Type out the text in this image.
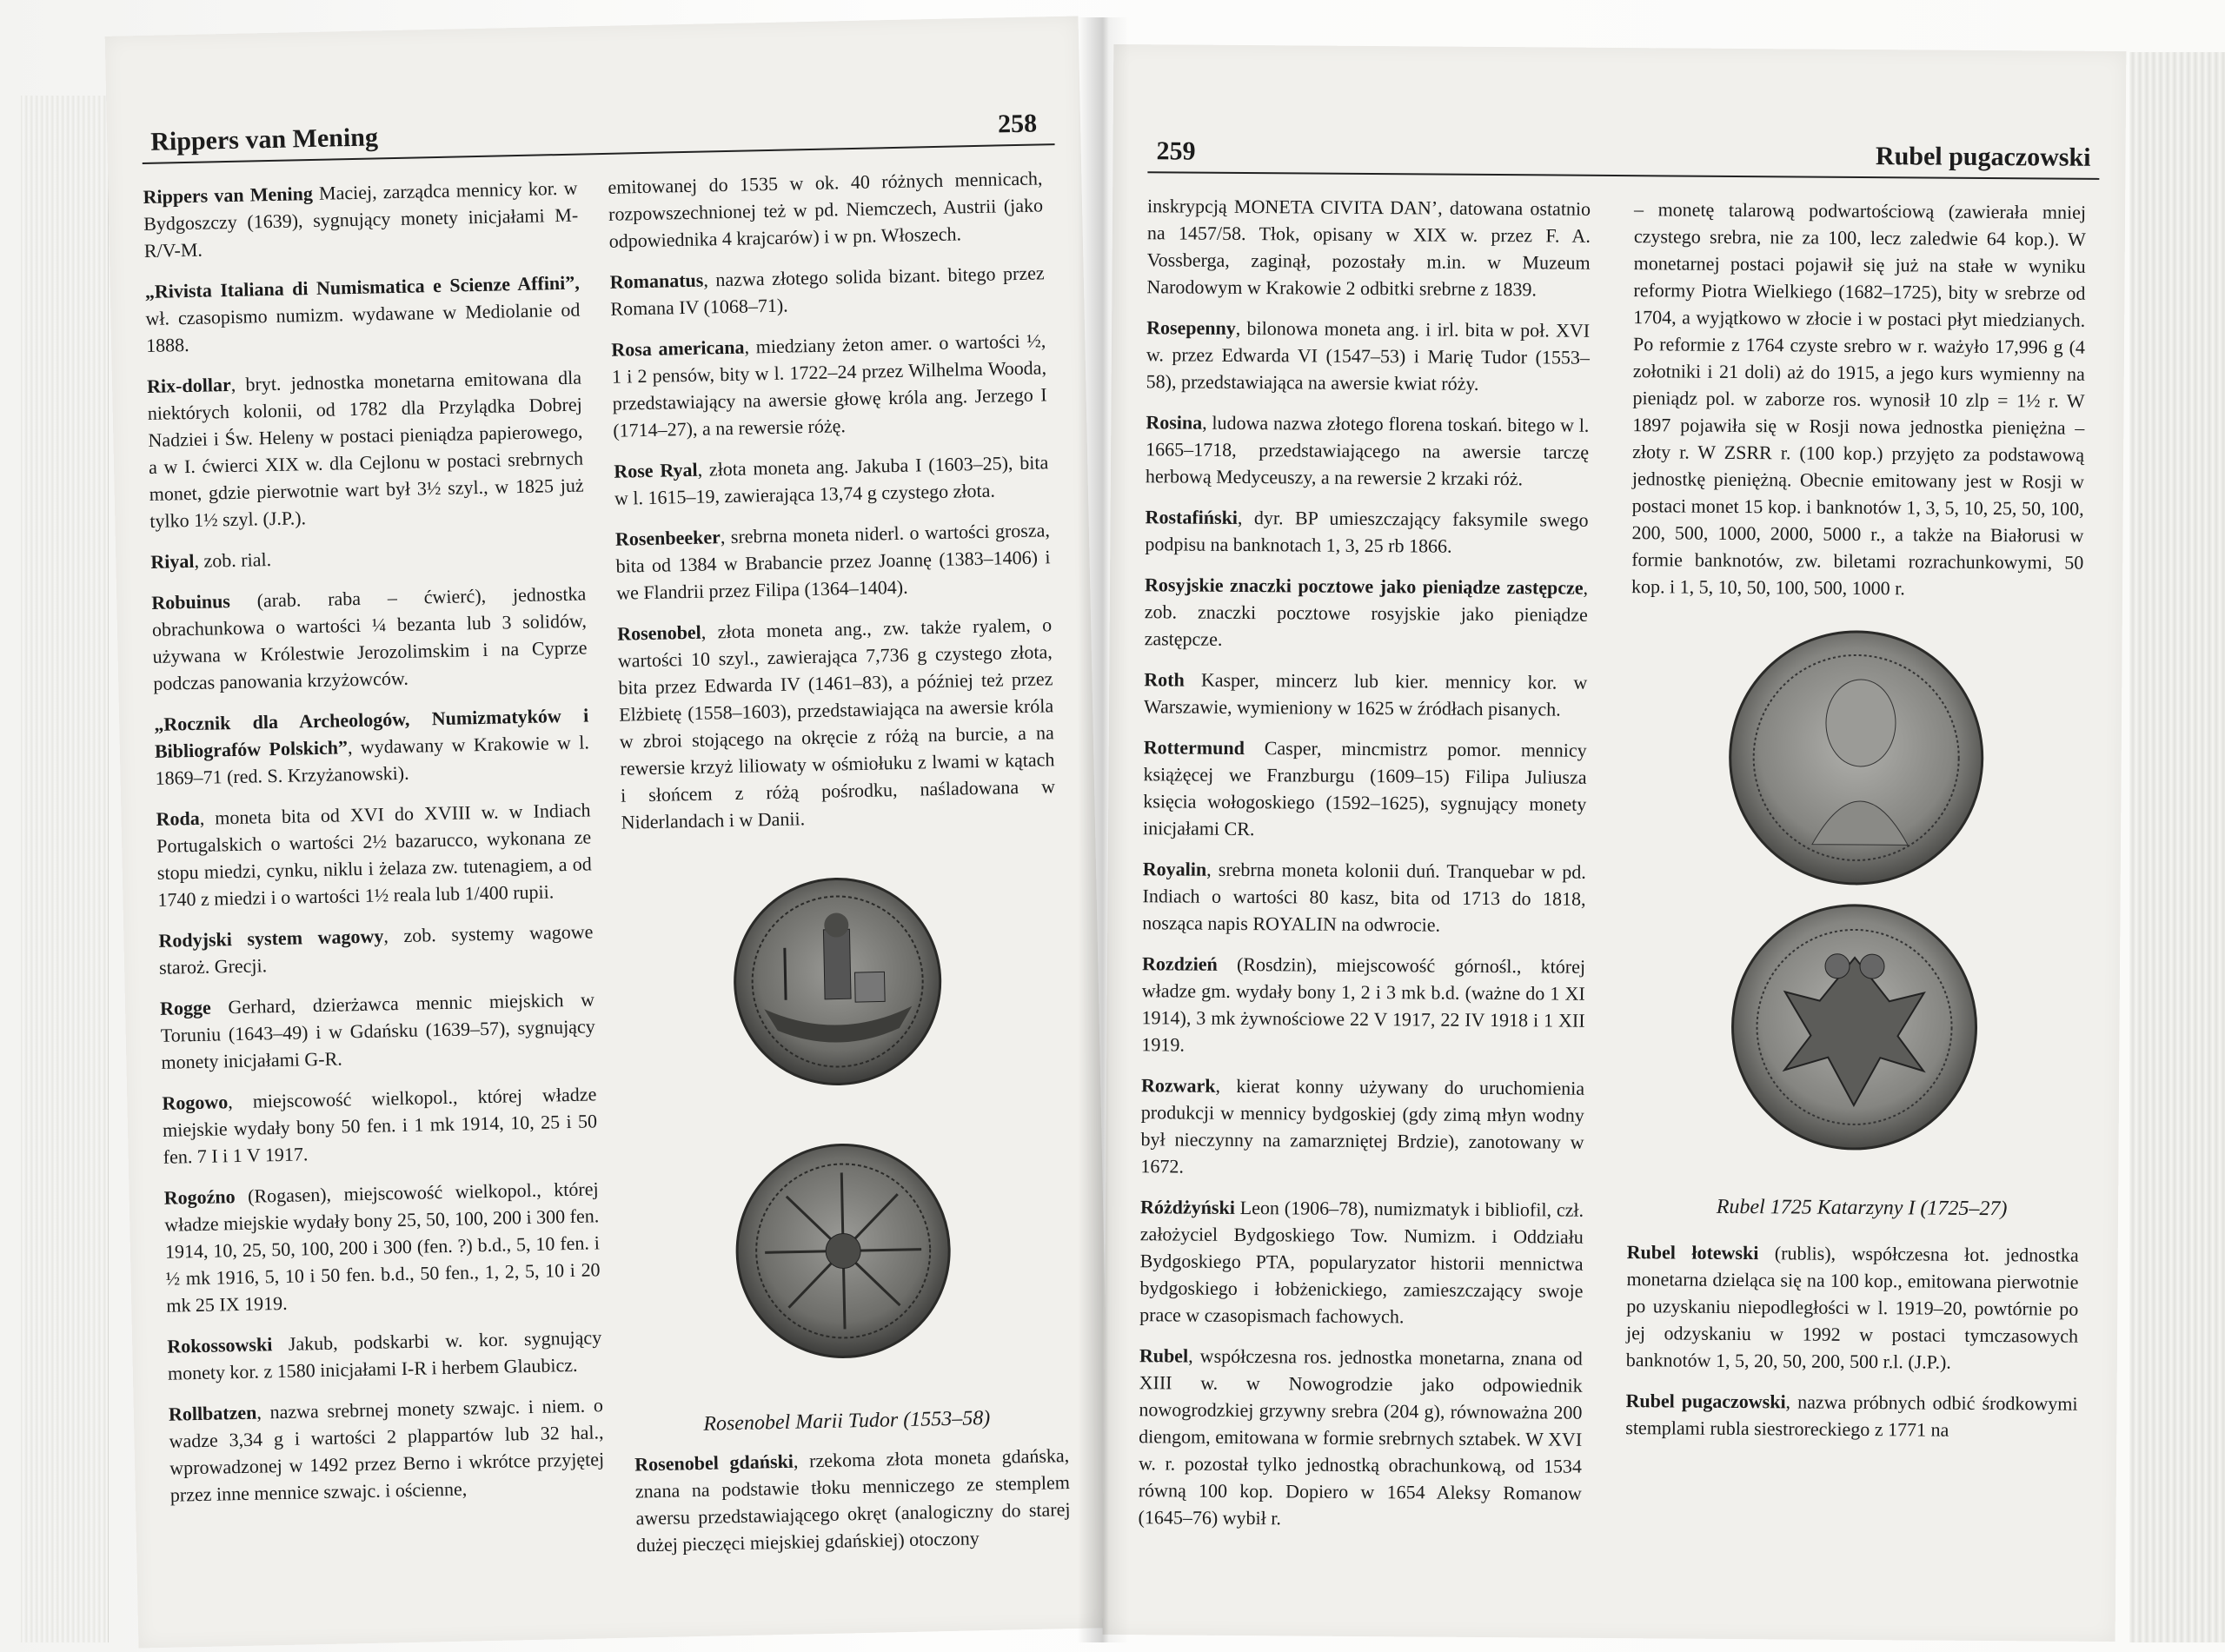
Rippers van Mening	258

Rippers van Mening Maciej, zarządca mennicy kor. w Bydgoszczy (1639), sygnujący monety inicjałami M-R/V-M.

„Rivista Italiana di Numismatica e Scienze Affini”, wł. czasopismo numizm. wydawane w Mediolanie od 1888.

Rix-dollar, bryt. jednostka monetarna emitowana dla niektórych kolonii, od 1782 dla Przylądka Dobrej Nadziei i Św. Heleny w postaci pieniądza papierowego, a w I. ćwierci XIX w. dla Cejlonu w postaci srebrnych monet, gdzie pierwotnie wart był 3½ szyl., w 1825 już tylko 1½ szyl. (J.P.).

Riyal, zob. rial.

Robuinus (arab. raba – ćwierć), jednostka obrachunkowa o wartości ¼ bezanta lub 3 solidów, używana w Królestwie Jerozolimskim i na Cyprze podczas panowania krzyżowców.

„Rocznik dla Archeologów, Numizmatyków i Bibliografów Polskich”, wydawany w Krakowie w l. 1869–71 (red. S. Krzyżanowski).

Roda, moneta bita od XVI do XVIII w. w Indiach Portugalskich o wartości 2½ bazarucco, wykonana ze stopu miedzi, cynku, niklu i żelaza zw. tutenagiem, a od 1740 z miedzi i o wartości 1½ reala lub 1/400 rupii.

Rodyjski system wagowy, zob. systemy wagowe staroż. Grecji.

Rogge Gerhard, dzierżawca mennic miejskich w Toruniu (1643–49) i w Gdańsku (1639–57), sygnujący monety inicjałami G-R.

Rogowo, miejscowość wielkopol., której władze miejskie wydały bony 50 fen. i 1 mk 1914, 10, 25 i 50 fen. 7 I i 1 V 1917.

Rogoźno (Rogasen), miejscowość wielkopol., której władze miejskie wydały bony 25, 50, 100, 200 i 300 fen. 1914, 10, 25, 50, 100, 200 i 300 (fen. ?) b.d., 5, 10 fen. i ½ mk 1916, 5, 10 i 50 fen. b.d., 50 fen., 1, 2, 5, 10 i 20 mk 25 IX 1919.

Rokossowski Jakub, podskarbi w. kor. sygnujący monety kor. z 1580 inicjałami I-R i herbem Glaubicz.

Rollbatzen, nazwa srebrnej monety szwajc. i niem. o wadze 3,34 g i wartości 2 plappartów lub 32 hal., wprowadzonej w 1492 przez Berno i wkrótce przyjętej przez inne mennice szwajc. i ościenne,

emitowanej do 1535 w ok. 40 różnych mennicach, rozpowszechnionej też w pd. Niemczech, Austrii (jako odpowiednika 4 krajcarów) i w pn. Włoszech.

Romanatus, nazwa złotego solida bizant. bitego przez Romana IV (1068–71).

Rosa americana, miedziany żeton amer. o wartości ½, 1 i 2 pensów, bity w l. 1722–24 przez Wilhelma Wooda, przedstawiający na awersie głowę króla ang. Jerzego I (1714–27), a na rewersie różę.

Rose Ryal, złota moneta ang. Jakuba I (1603–25), bita w l. 1615–19, zawierająca 13,74 g czystego złota.

Rosenbeeker, srebrna moneta niderl. o wartości grosza, bita od 1384 w Brabancie przez Joannę (1383–1406) i we Flandrii przez Filipa (1364–1404).

Rosenobel, złota moneta ang., zw. także ryalem, o wartości 10 szyl., zawierająca 7,736 g czystego złota, bita przez Edwarda IV (1461–83), a później też przez Elżbietę (1558–1603), przedstawiająca na awersie króla w zbroi stojącego na okręcie z różą na burcie, a na rewersie krzyż liliowaty w ośmiołuku z lwami w kątach i słońcem z różą pośrodku, naśladowana w Niderlandach i w Danii.

Rosenobel Marii Tudor (1553–58)

Rosenobel gdański, rzekoma złota moneta gdańska, znana na podstawie tłoku menniczego ze stemplem awersu przedstawiającego okręt (analogiczny do starej dużej pieczęci miejskiej gdańskiej) otoczony

259	Rubel pugaczowski

inskrypcją MONETA CIVITA DAN’, datowana ostatnio na 1457/58. Tłok, opisany w XIX w. przez F. A. Vossberga, zaginął, pozostały m.in. w Muzeum Narodowym w Krakowie 2 odbitki srebrne z 1839.

Rosepenny, bilonowa moneta ang. i irl. bita w poł. XVI w. przez Edwarda VI (1547–53) i Marię Tudor (1553–58), przedstawiająca na awersie kwiat róży.

Rosina, ludowa nazwa złotego florena toskań. bitego w l. 1665–1718, przedstawiającego na awersie tarczę herbową Medyceuszy, a na rewersie 2 krzaki róż.

Rostafiński, dyr. BP umieszczający faksymile swego podpisu na banknotach 1, 3, 25 rb 1866.

Rosyjskie znaczki pocztowe jako pieniądze zastępcze, zob. znaczki pocztowe rosyjskie jako pieniądze zastępcze.

Roth Kasper, mincerz lub kier. mennicy kor. w Warszawie, wymieniony w 1625 w źródłach pisanych.

Rottermund Casper, mincmistrz pomor. mennicy książęcej we Franzburgu (1609–15) Filipa Juliusza księcia wołogoskiego (1592–1625), sygnujący monety inicjałami CR.

Royalin, srebrna moneta kolonii duń. Tranquebar w pd. Indiach o wartości 80 kasz, bita od 1713 do 1818, nosząca napis ROYALIN na odwrocie.

Rozdzień (Rosdzin), miejscowość górnośl., której władze gm. wydały bony 1, 2 i 3 mk b.d. (ważne do 1 XI 1914), 3 mk żywnościowe 22 V 1917, 22 IV 1918 i 1 XII 1919.

Rozwark, kierat konny używany do uruchomienia produkcji w mennicy bydgoskiej (gdy zimą młyn wodny był nieczynny na zamarzniętej Brdzie), zanotowany w 1672.

Różdżyński Leon (1906–78), numizmatyk i bibliofil, czł. założyciel Bydgoskiego Tow. Numizm. i Oddziału Bydgoskiego PTA, popularyzator historii mennictwa bydgoskiego i łobżenickiego, zamieszczający swoje prace w czasopismach fachowych.

Rubel, współczesna ros. jednostka monetarna, znana od XIII w. w Nowogrodzie jako odpowiednik nowogrodzkiej grzywny srebra (204 g), równoważna 200 diengom, emitowana w formie srebrnych sztabek. W XVI w. r. pozostał tylko jednostką obrachunkową, od 1534 równą 100 kop. Dopiero w 1654 Aleksy Romanow (1645–76) wybił r.

– monetę talarową podwartościową (zawierała mniej czystego srebra, nie za 100, lecz zaledwie 64 kop.). W monetarnej postaci pojawił się już na stałe w wyniku reformy Piotra Wielkiego (1682–1725), bity w srebrze od 1704, a wyjątkowo w złocie i w postaci płyt miedzianych. Po reformie z 1764 czyste srebro w r. ważyło 17,996 g (4 zołotniki i 21 doli) aż do 1915, a jego kurs wymienny na pieniądz pol. w zaborze ros. wynosił 10 zlp = 1½ r. W 1897 pojawiła się w Rosji nowa jednostka pieniężna – złoty r. W ZSRR r. (100 kop.) przyjęto za podstawową jednostkę pieniężną. Obecnie emitowany jest w Rosji w postaci monet 15 kop. i banknotów 1, 3, 5, 10, 25, 50, 100, 200, 500, 1000, 2000, 5000 r., a także na Białorusi w formie banknotów, zw. biletami rozrachunkowymi, 50 kop. i 1, 5, 10, 50, 100, 500, 1000 r.

Rubel 1725 Katarzyny I (1725–27)

Rubel łotewski (rublis), współczesna łot. jednostka monetarna dzieląca się na 100 kop., emitowana pierwotnie po uzyskaniu niepodległości w l. 1919–20, powtórnie po jej odzyskaniu w 1992 w postaci tymczasowych banknotów 1, 5, 20, 50, 200, 500 r.l. (J.P.).

Rubel pugaczowski, nazwa próbnych odbić środkowymi stemplami rubla siestroreckiego z 1771 na
